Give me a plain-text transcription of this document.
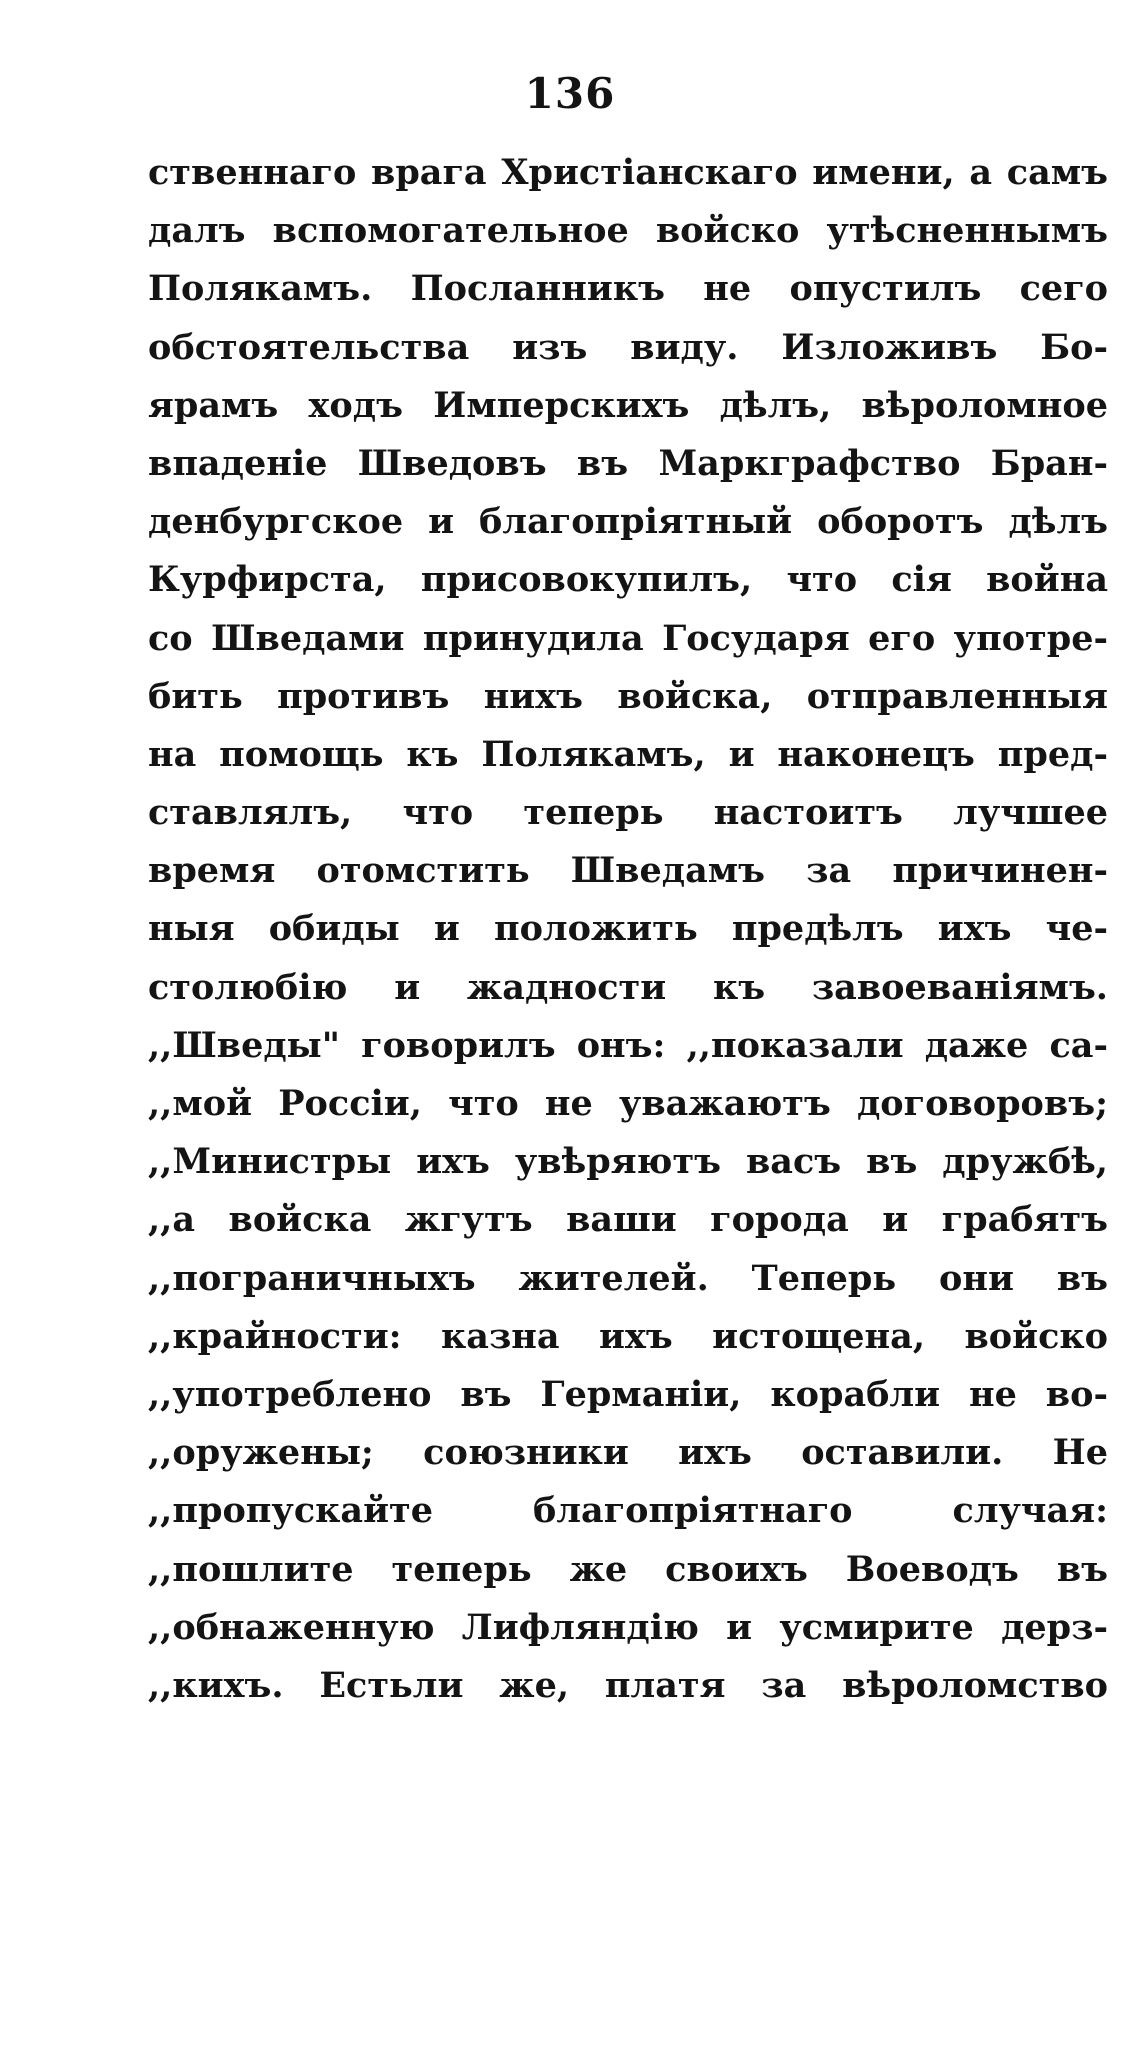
136
ственнаго врага Христіанскаго имени, а самъ
далъ вспомогательное войско утѣсненнымъ
Полякамъ. Посланникъ не опустилъ сего
обстоятельства изъ виду. Изложивъ Бо-
ярамъ ходъ Имперскихъ дѣлъ, вѣроломное
впаденіе Шведовъ въ Маркграфство Бран-
денбургское и благопріятный оборотъ дѣлъ
Курфирста, присовокупилъ, что сія война
со Шведами принудила Государя его употре-
бить противъ нихъ войска, отправленныя
на помощь къ Полякамъ, и наконецъ пред-
ставлялъ, что теперь настоитъ лучшее
время отомстить Шведамъ за причинен-
ныя обиды и положить предѣлъ ихъ че-
столюбію и жадности къ завоеваніямъ.
,,Шведы" говорилъ онъ: ,,показали даже са-
,,мой Россіи, что не уважаютъ договоровъ;
,,Министры ихъ увѣряютъ васъ въ дружбѣ,
,,а войска жгутъ ваши города и грабятъ
,,пограничныхъ жителей. Теперь они въ
,,крайности: казна ихъ истощена, войско
,,употреблено въ Германіи, корабли не во-
,,оружены; союзники ихъ оставили. Не
,,пропускайте благопріятнаго случая:
,,пошлите теперь же своихъ Воеводъ въ
,,обнаженную Лифляндію и усмирите дерз-
,,кихъ. Естьли же, платя за вѣроломство
